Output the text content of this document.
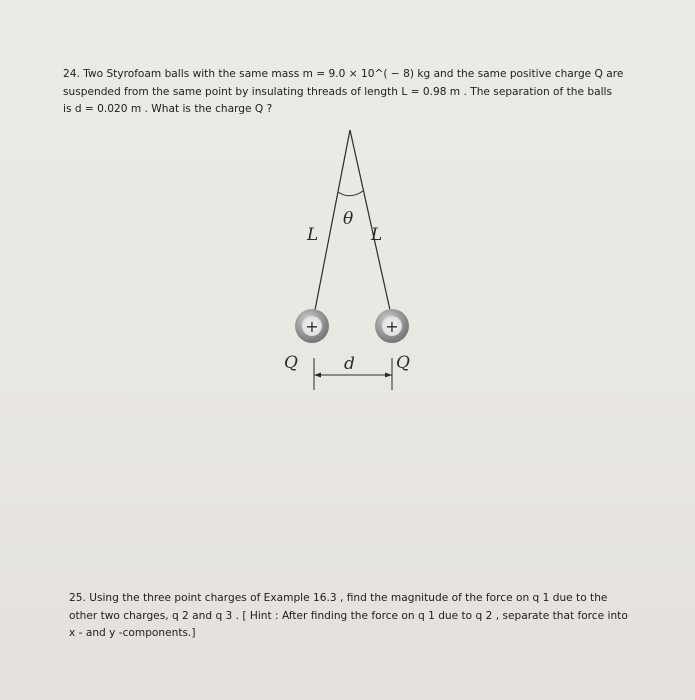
24. Two Styrofoam balls with the same mass m = 9.0 × 10^( − 8) kg and the same positive charge Q are
suspended from the same point by insulating threads of length L = 0.98 m . The separation of the balls
is d = 0.020 m . What is the charge Q ?
θ
L	L
+	+
d
Q	Q
25. Using the three point charges of Example 16.3 , find the magnitude of the force on q 1 due to the
other two charges, q 2 and q 3 . [ Hint : After finding the force on q 1 due to q 2 , separate that force into
x - and y -components.]
